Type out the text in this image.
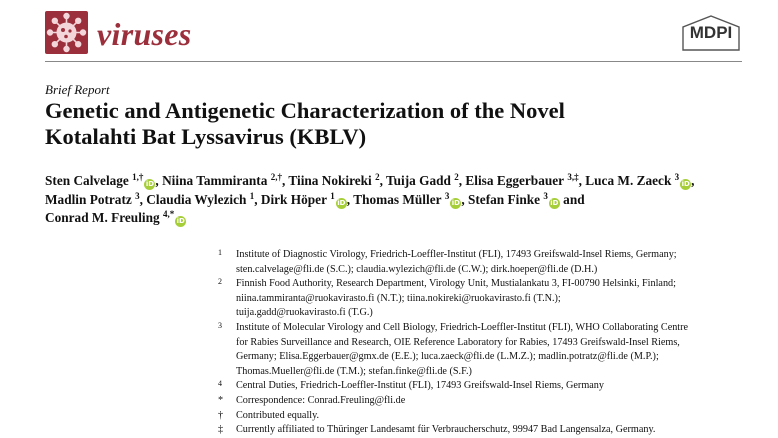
viruses	MDPI
Brief Report
Genetic and Antigenetic Characterization of the Novel
Kotalahti Bat Lyssavirus (KBLV)
Sten Calvelage $^{1,\dagger}$iD, Niina Tammiranta $^{2,\dagger}$, Tiina Nokireki $^2$, Tuija Gadd $^2$, Elisa Eggerbauer $^{3,\ddagger}$, Luca M. Zaeck $^3$iD,
Madlin Potratz $^3$, Claudia Wylezich $^1$, Dirk Höper $^1$iD, Thomas Müller $^3$iD, Stefan Finke $^3$iD and
Conrad M. Freuling $^{4,*}$iD
1 Institute of Diagnostic Virology, Friedrich-Loeffler-Institut (FLI), 17493 Greifswald-Insel Riems, Germany;
sten.calvelage@fli.de (S.C.); claudia.wylezich@fli.de (C.W.); dirk.hoeper@fli.de (D.H.)
2 Finnish Food Authority, Research Department, Virology Unit, Mustialankatu 3, FI-00790 Helsinki, Finland;
niina.tammiranta@ruokavirasto.fi (N.T.); tiina.nokireki@ruokavirasto.fi (T.N.);
tuija.gadd@ruokavirasto.fi (T.G.)
3 Institute of Molecular Virology and Cell Biology, Friedrich-Loeffler-Institut (FLI), WHO Collaborating Centre
for Rabies Surveillance and Research, OIE Reference Laboratory for Rabies, 17493 Greifswald-Insel Riems,
Germany; Elisa.Eggerbauer@gmx.de (E.E.); luca.zaeck@fli.de (L.M.Z.); madlin.potratz@fli.de (M.P.);
Thomas.Mueller@fli.de (T.M.); stefan.finke@fli.de (S.F.)
4 Central Duties, Friedrich-Loeffler-Institut (FLI), 17493 Greifswald-Insel Riems, Germany
* Correspondence: Conrad.Freuling@fli.de
† Contributed equally.
‡ Currently affiliated to Thüringer Landesamt für Verbraucherschutz, 99947 Bad Langensalza, Germany.
